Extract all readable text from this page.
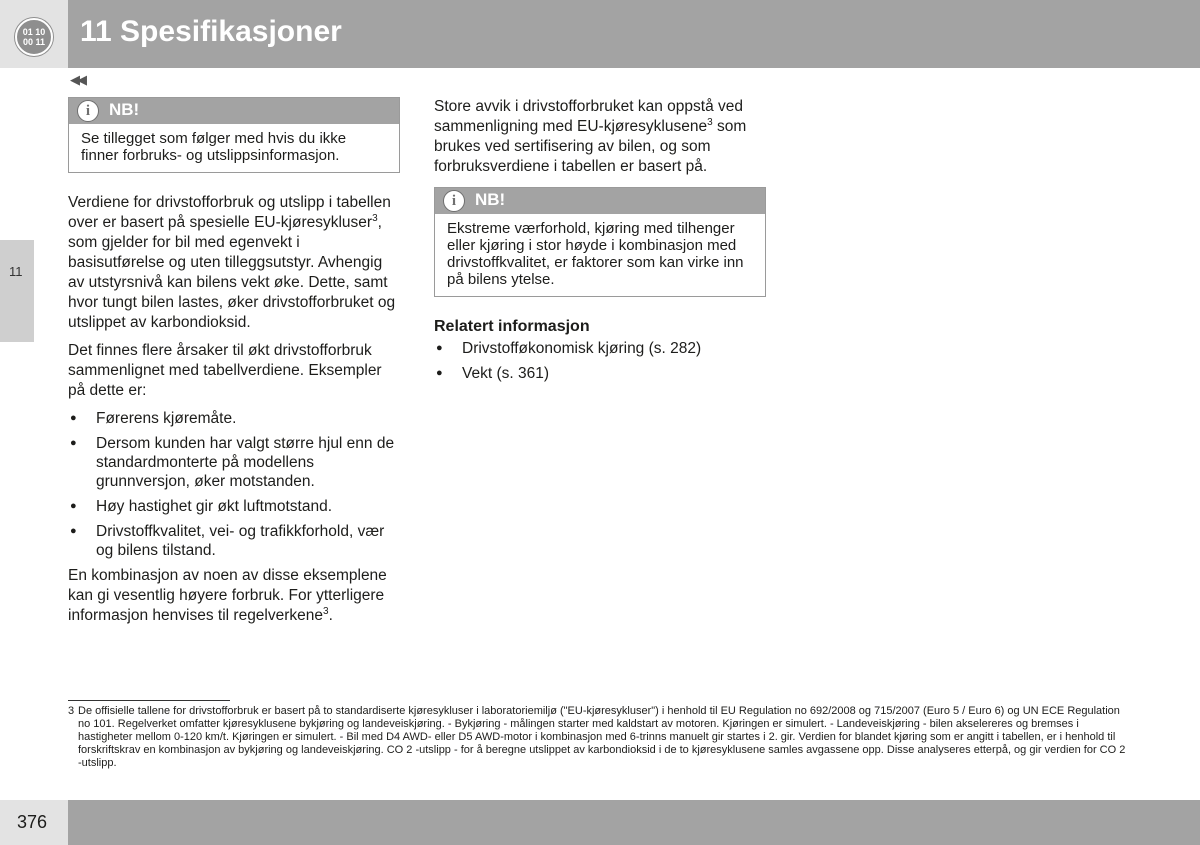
01 10
00 11 11 Spesifikasjoner
◀◀
11
i	NB!
Se tillegget som følger med hvis du ikke finner forbruks- og utslippsinformasjon.

Verdiene for drivstofforbruk og utslipp i tabellen over er basert på spesielle EU-kjøresykluser$^3$, som gjelder for bil med egenvekt i basisutførelse og uten tilleggsutstyr. Avhengig av utstyrsnivå kan bilens vekt øke. Dette, samt hvor tungt bilen lastes, øker drivstofforbruket og utslippet av karbondioksid.

Det finnes flere årsaker til økt drivstofforbruk sammenlignet med tabellverdiene. Eksempler på dette er:

● Førerens kjøremåte.
● Dersom kunden har valgt større hjul enn de standardmonterte på modellens grunnversjon, øker motstanden.
● Høy hastighet gir økt luftmotstand.
● Drivstoffkvalitet, vei- og trafikkforhold, vær og bilens tilstand.

En kombinasjon av noen av disse eksemplene kan gi vesentlig høyere forbruk. For ytterligere informasjon henvises til regelverkene$^3$.

Store avvik i drivstofforbruket kan oppstå ved sammenligning med EU-kjøresyklusene$^3$ som brukes ved sertifisering av bilen, og som forbruksverdiene i tabellen er basert på.

i	NB!
Ekstreme værforhold, kjøring med tilhenger eller kjøring i stor høyde i kombinasjon med drivstoffkvalitet, er faktorer som kan virke inn på bilens ytelse.
Relatert informasjon
● Drivstofføkonomisk kjøring (s. 282)
● Vekt (s. 361)
3 De offisielle tallene for drivstofforbruk er basert på to standardiserte kjøresykluser i laboratoriemiljø ("EU-kjøresykluser") i henhold til EU Regulation no 692/2008 og 715/2007 (Euro 5 / Euro 6) og UN ECE Regulation no 101. Regelverket omfatter kjøresyklusene bykjøring og landeveiskjøring. - Bykjøring - målingen starter med kaldstart av motoren. Kjøringen er simulert. - Landeveiskjøring - bilen akselereres og bremses i hastigheter mellom 0-120 km/t. Kjøringen er simulert. - Bil med D4 AWD- eller D5 AWD-motor i kombinasjon med 6-trinns manuelt gir startes i 2. gir. Verdien for blandet kjøring som er angitt i tabellen, er i henhold til forskriftskrav en kombinasjon av bykjøring og landeveiskjøring. CO 2 -utslipp - for å beregne utslippet av karbondioksid i de to kjøresyklusene samles avgassene opp. Disse analyseres etterpå, og gir verdien for CO 2 -utslipp.
376
